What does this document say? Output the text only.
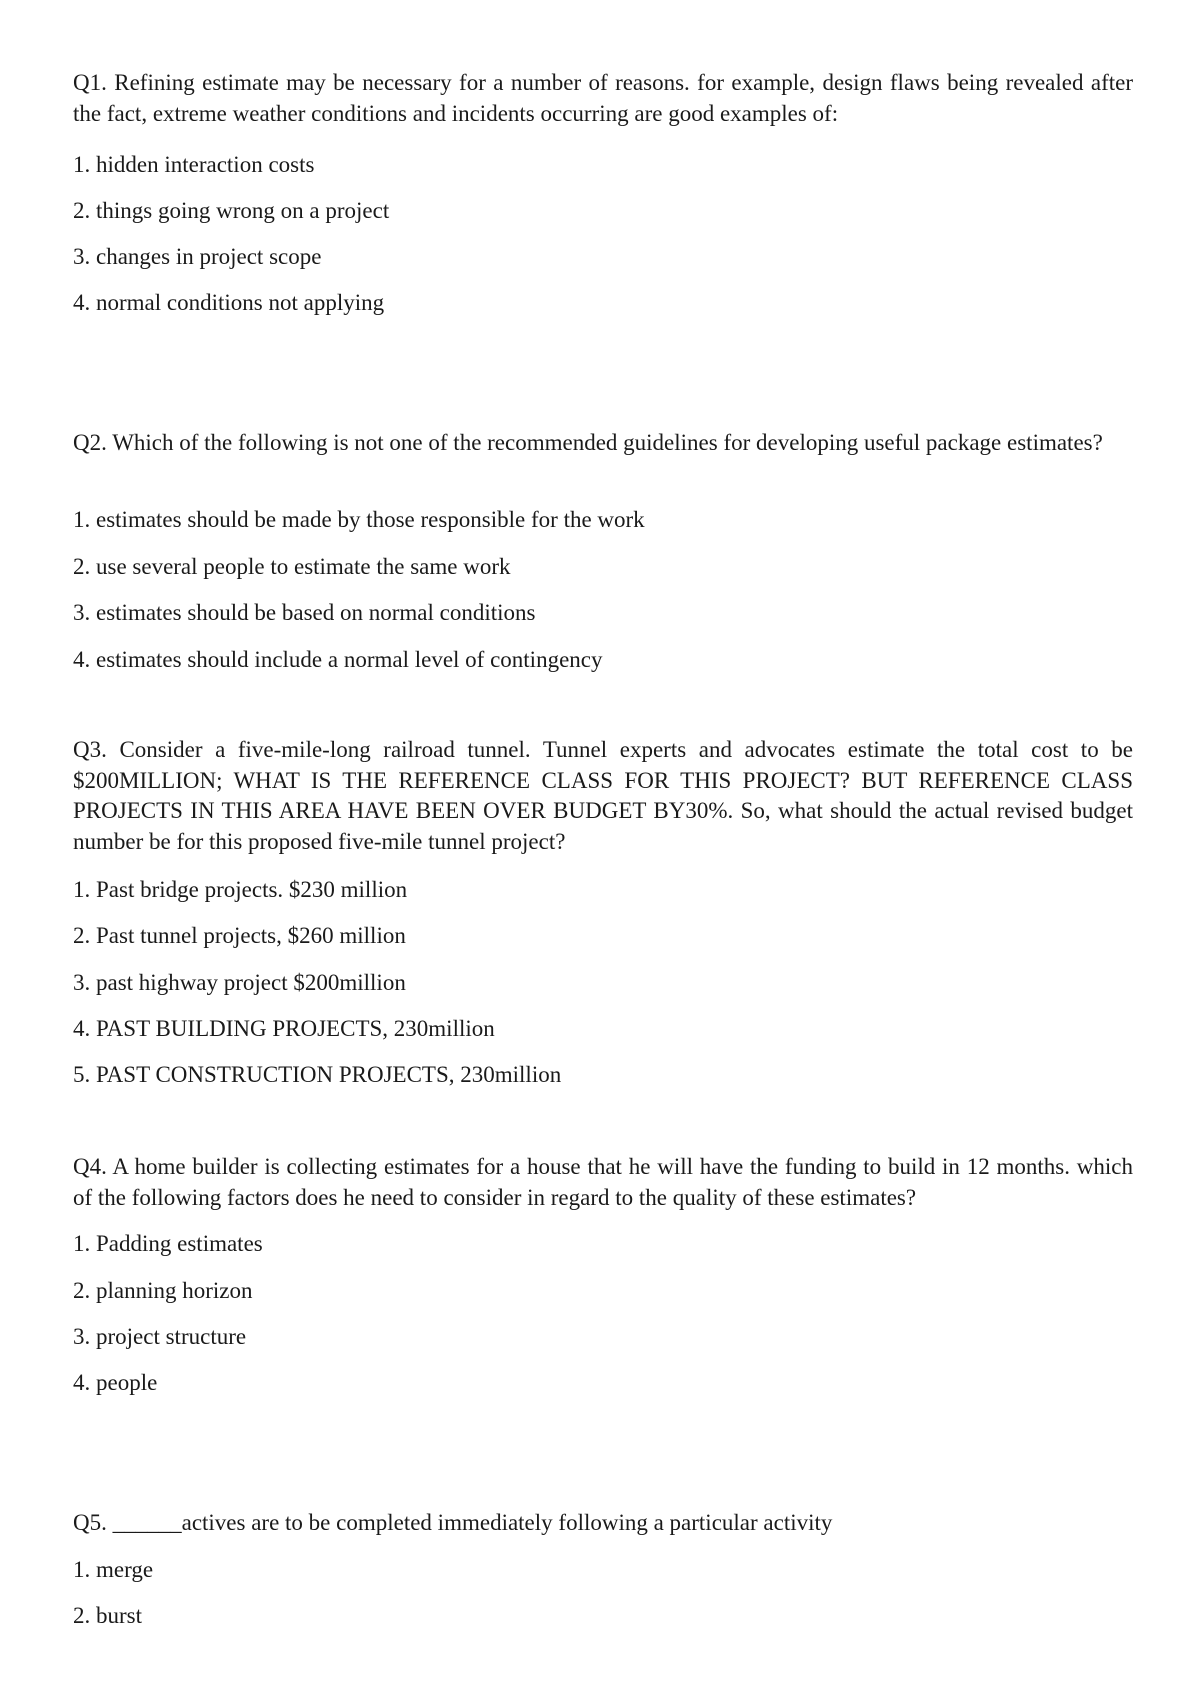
Q1. Refining estimate may be necessary for a number of reasons. for example, design flaws being revealed after the fact, extreme weather conditions and incidents occurring are good examples of:

1. hidden interaction costs

2. things going wrong on a project

3. changes in project scope

4. normal conditions not applying

Q2. Which of the following is not one of the recommended guidelines for developing useful package estimates?

1. estimates should be made by those responsible for the work

2. use several people to estimate the same work

3. estimates should be based on normal conditions

4. estimates should include a normal level of contingency

Q3. Consider a five-mile-long railroad tunnel. Tunnel experts and advocates estimate the total cost to be $200MILLION; WHAT IS THE REFERENCE CLASS FOR THIS PROJECT? BUT REFERENCE CLASS PROJECTS IN THIS AREA HAVE BEEN OVER BUDGET BY30%. So, what should the actual revised budget number be for this proposed five-mile tunnel project?

1. Past bridge projects. $230 million

2. Past tunnel projects, $260 million

3. past highway project $200million

4. PAST BUILDING PROJECTS, 230million

5. PAST CONSTRUCTION PROJECTS, 230million

Q4. A home builder is collecting estimates for a house that he will have the funding to build in 12 months. which of the following factors does he need to consider in regard to the quality of these estimates?

1. Padding estimates

2. planning horizon

3. project structure

4. people

Q5. ______actives are to be completed immediately following a particular activity

1. merge

2. burst
